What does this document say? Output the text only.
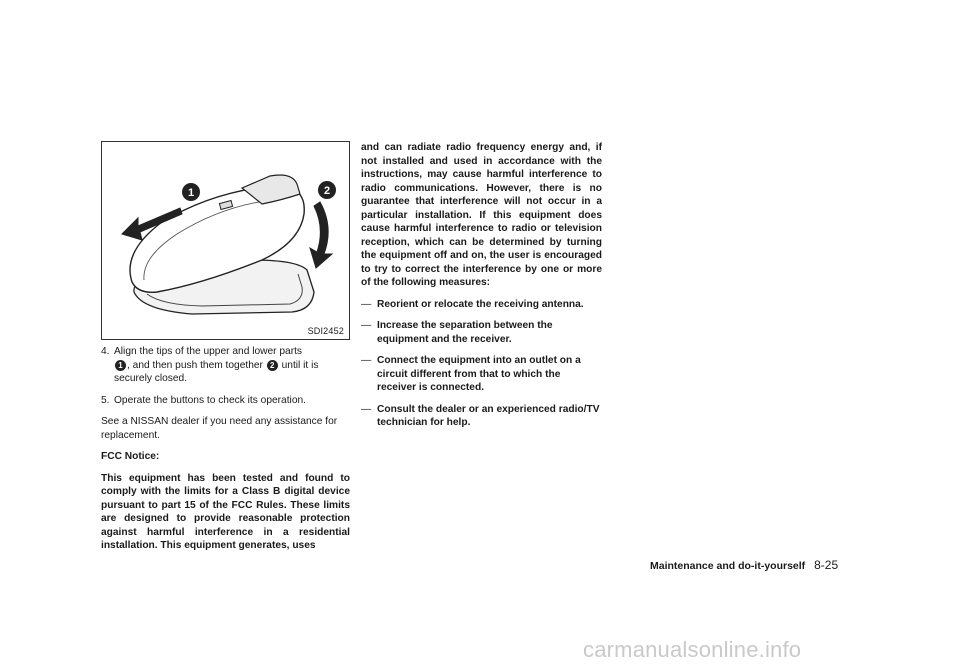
1	2
SDI2452
4. Align the tips of the upper and lower parts
1 , and then push them together 2 until it is securely closed.
5. Operate the buttons to check its operation.

See a NISSAN dealer if you need any assistance for replacement.

FCC Notice:

This equipment has been tested and found to comply with the limits for a Class B digital device pursuant to part 15 of the FCC Rules. These limits are designed to provide reasonable protection against harmful interference in a residential installation. This equipment generates, uses

and can radiate radio frequency energy and, if not installed and used in accordance with the instructions, may cause harmful interference to radio communications. However, there is no guarantee that interference will not occur in a particular installation. If this equipment does cause harmful interference to radio or television reception, which can be determined by turning the equipment off and on, the user is encouraged to try to correct the interference by one or more of the following measures:

— Reorient or relocate the receiving antenna.
— Increase the separation between the equipment and the receiver.
— Connect the equipment into an outlet on a circuit different from that to which the receiver is connected.
— Consult the dealer or an experienced radio/TV technician for help.
Maintenance and do-it-yourself 8-25
carmanualsonline.info
